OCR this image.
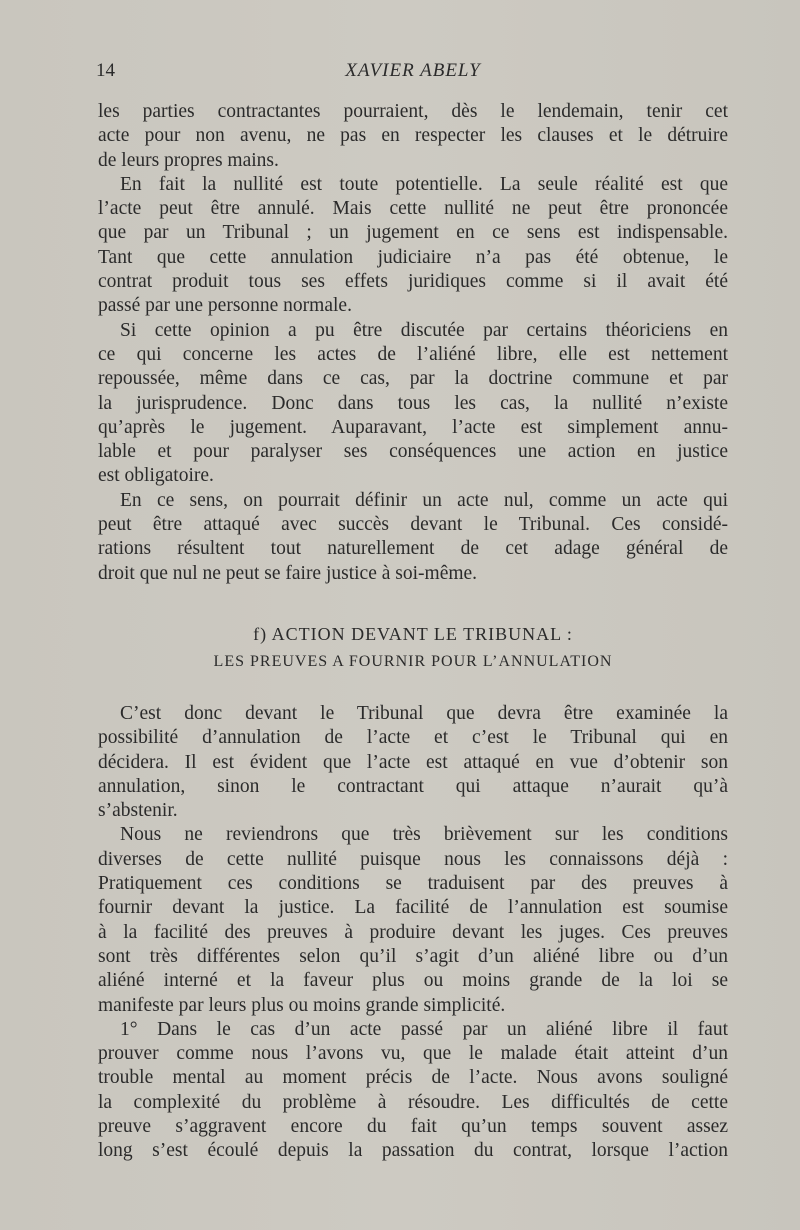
14	XAVIER ABELY
les parties contractantes pourraient, dès le lendemain, tenir cet
acte pour non avenu, ne pas en respecter les clauses et le détruire
de leurs propres mains.
En fait la nullité est toute potentielle. La seule réalité est que
l’acte peut être annulé. Mais cette nullité ne peut être prononcée
que par un Tribunal ; un jugement en ce sens est indispensable.
Tant que cette annulation judiciaire n’a pas été obtenue, le
contrat produit tous ses effets juridiques comme si il avait été
passé par une personne normale.
Si cette opinion a pu être discutée par certains théoriciens en
ce qui concerne les actes de l’aliéné libre, elle est nettement
repoussée, même dans ce cas, par la doctrine commune et par
la jurisprudence. Donc dans tous les cas, la nullité n’existe
qu’après le jugement. Auparavant, l’acte est simplement annu-
lable et pour paralyser ses conséquences une action en justice
est obligatoire.
En ce sens, on pourrait définir un acte nul, comme un acte qui
peut être attaqué avec succès devant le Tribunal. Ces considé-
rations résultent tout naturellement de cet adage général de
droit que nul ne peut se faire justice à soi-même.
f) ACTION DEVANT LE TRIBUNAL :
LES PREUVES A FOURNIR POUR L’ANNULATION
C’est donc devant le Tribunal que devra être examinée la
possibilité d’annulation de l’acte et c’est le Tribunal qui en
décidera. Il est évident que l’acte est attaqué en vue d’obtenir son
annulation, sinon le contractant qui attaque n’aurait qu’à
s’abstenir.
Nous ne reviendrons que très brièvement sur les conditions
diverses de cette nullité puisque nous les connaissons déjà :
Pratiquement ces conditions se traduisent par des preuves à
fournir devant la justice. La facilité de l’annulation est soumise
à la facilité des preuves à produire devant les juges. Ces preuves
sont très différentes selon qu’il s’agit d’un aliéné libre ou d’un
aliéné interné et la faveur plus ou moins grande de la loi se
manifeste par leurs plus ou moins grande simplicité.
1° Dans le cas d’un acte passé par un aliéné libre il faut
prouver comme nous l’avons vu, que le malade était atteint d’un
trouble mental au moment précis de l’acte. Nous avons souligné
la complexité du problème à résoudre. Les difficultés de cette
preuve s’aggravent encore du fait qu’un temps souvent assez
long s’est écoulé depuis la passation du contrat, lorsque l’action
